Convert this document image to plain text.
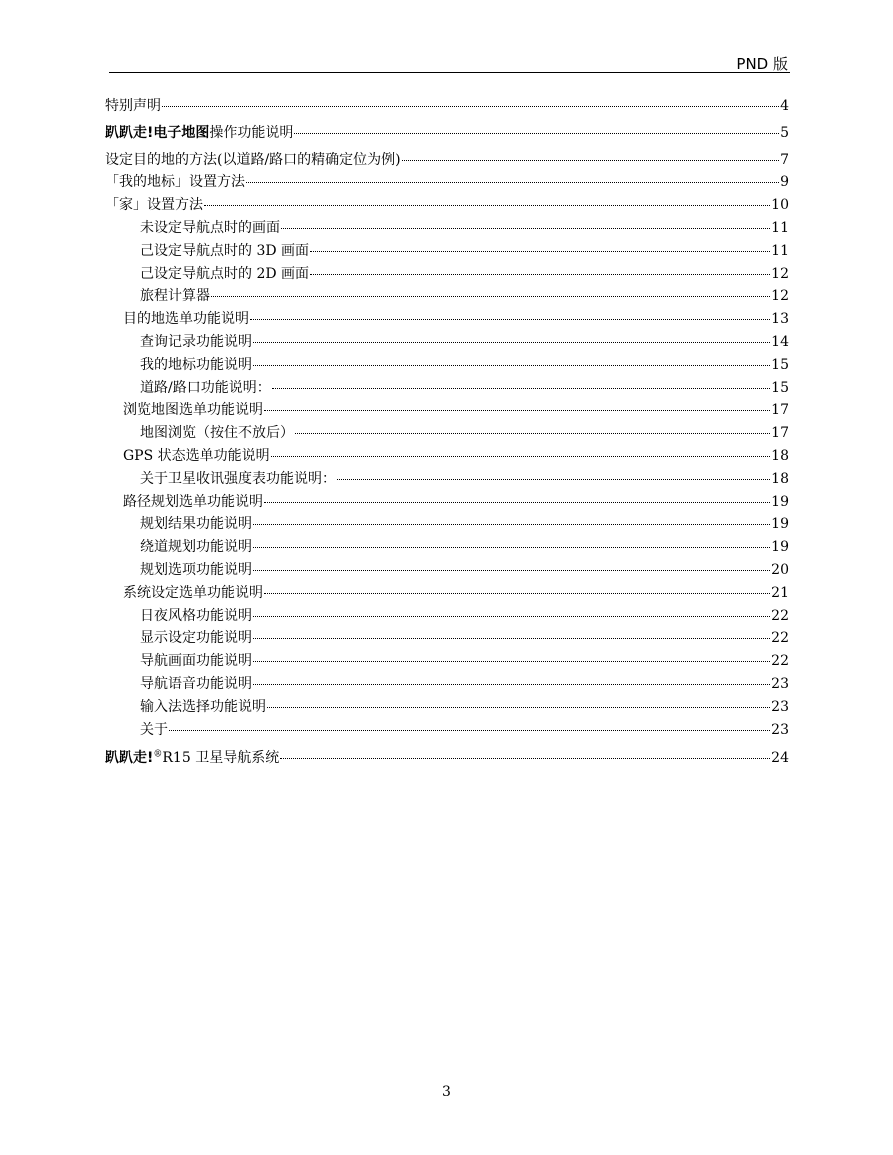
PND 版
特别声明	4
趴趴走!电子地图操作功能说明	5
设定目的地的方法(以道路/路口的精确定位为例)	7
「我的地标」设置方法	9
「家」设置方法	10
未设定导航点时的画面	11
己设定导航点时的 3D 画面	11
己设定导航点时的 2D 画面	12
旅程计算器	12
目的地选单功能说明	13
查询记录功能说明	14
我的地标功能说明	15
道路/路口功能说明：	15
浏览地图选单功能说明	17
地图浏览（按住不放后）	17
GPS 状态选单功能说明	18
关于卫星收讯强度表功能说明：	18
路径规划选单功能说明	19
规划结果功能说明	19
绕道规划功能说明	19
规划选项功能说明	20
系统设定选单功能说明	21
日夜风格功能说明	22
显示设定功能说明	22
导航画面功能说明	22
导航语音功能说明	23
输入法选择功能说明	23
关于	23
趴趴走!®R15 卫星导航系统	24
3
